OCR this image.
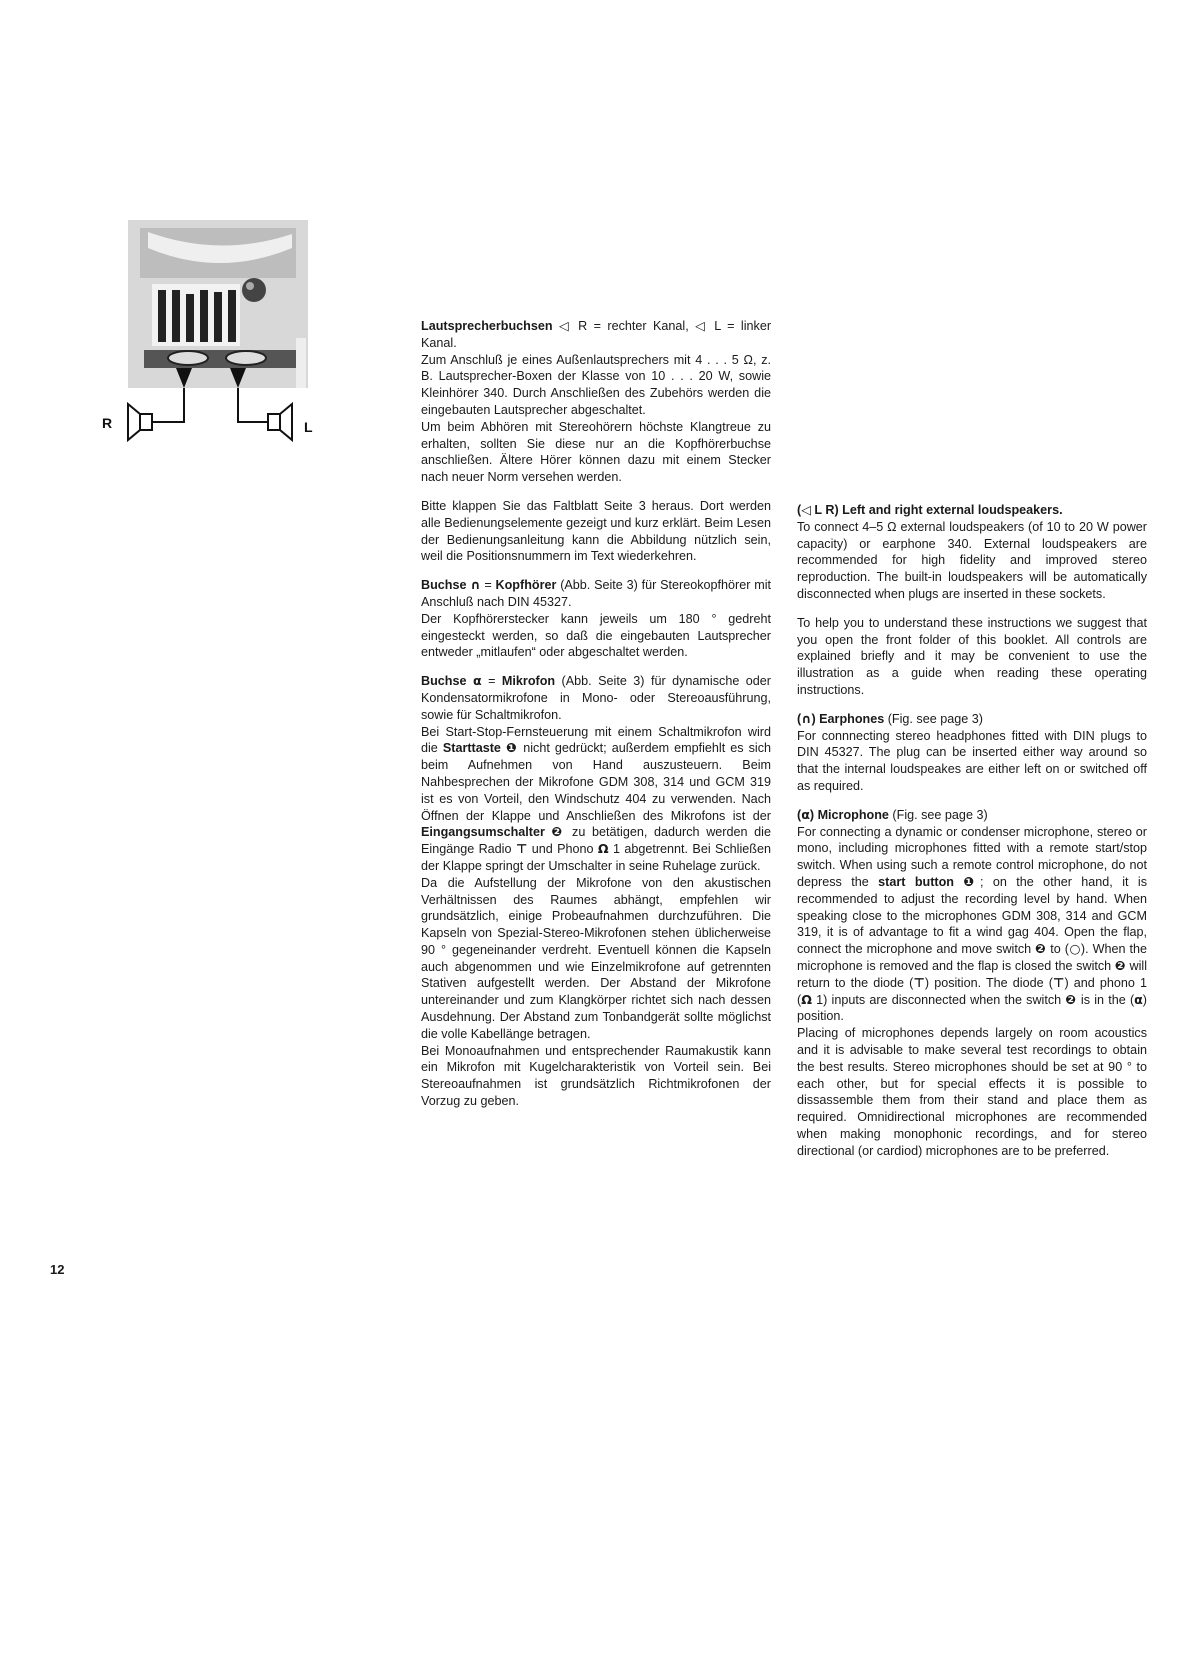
R	L

Lautsprecherbuchsen ◁ R = rechter Kanal, ◁ L = linker Kanal.

Zum Anschluß je eines Außenlautsprechers mit 4 . . . 5 Ω, z. B. Lautsprecher-Boxen der Klasse von 10 . . . 20 W, sowie Kleinhörer 340. Durch Anschließen des Zubehörs werden die eingebauten Lautsprecher abgeschaltet.

Um beim Abhören mit Stereohörern höchste Klangtreue zu erhalten, sollten Sie diese nur an die Kopfhörerbuchse anschließen. Ältere Hörer können dazu mit einem Stecker nach neuer Norm versehen werden.

Bitte klappen Sie das Faltblatt Seite 3 heraus. Dort werden alle Bedienungselemente gezeigt und kurz erklärt. Beim Lesen der Bedienungsanleitung kann die Abbildung nützlich sein, weil die Positionsnummern im Text wiederkehren.

Buchse ∩ = Kopfhörer (Abb. Seite 3) für Stereokopfhörer mit Anschluß nach DIN 45327.

Der Kopfhörerstecker kann jeweils um 180 ° gedreht eingesteckt werden, so daß die eingebauten Lautsprecher entweder „mitlaufen“ oder abgeschaltet werden.

Buchse α = Mikrofon (Abb. Seite 3) für dynamische oder Kondensatormikrofone in Mono- oder Stereoausführung, sowie für Schaltmikrofon.

Bei Start-Stop-Fernsteuerung mit einem Schaltmikrofon wird die Starttaste ❶ nicht gedrückt; außerdem empfiehlt es sich beim Aufnehmen von Hand auszusteuern. Beim Nahbesprechen der Mikrofone GDM 308, 314 und GCM 319 ist es von Vorteil, den Windschutz 404 zu verwenden. Nach Öffnen der Klappe und Anschließen des Mikrofons ist der Eingangsumschalter ❷ zu betätigen, dadurch werden die Eingänge Radio ⊤ und Phono Ω 1 abgetrennt. Bei Schließen der Klappe springt der Umschalter in seine Ruhelage zurück.

Da die Aufstellung der Mikrofone von den akustischen Verhältnissen des Raumes abhängt, empfehlen wir grundsätzlich, einige Probeaufnahmen durchzuführen. Die Kapseln von Spezial-Stereo-Mikrofonen stehen üblicherweise 90 ° gegeneinander verdreht. Eventuell können die Kapseln auch abgenommen und wie Einzelmikrofone auf getrennten Stativen aufgestellt werden. Der Abstand der Mikrofone untereinander und zum Klangkörper richtet sich nach dessen Ausdehnung. Der Abstand zum Tonbandgerät sollte möglichst die volle Kabellänge betragen.

Bei Monoaufnahmen und entsprechender Raumakustik kann ein Mikrofon mit Kugelcharakteristik von Vorteil sein. Bei Stereoaufnahmen ist grundsätzlich Richtmikrofonen der Vorzug zu geben.

(◁ L R) Left and right external loudspeakers.

To connect 4–5 Ω external loudspeakers (of 10 to 20 W power capacity) or earphone 340. External loudspeakers are recommended for high fidelity and improved stereo reproduction. The built-in loudspeakers will be automatically disconnected when plugs are inserted in these sockets.

To help you to understand these instructions we suggest that you open the front folder of this booklet. All controls are explained briefly and it may be convenient to use the illustration as a guide when reading these operating instructions.

(∩) Earphones (Fig. see page 3)

For connnecting stereo headphones fitted with DIN plugs to DIN 45327. The plug can be inserted either way around so that the internal loudspeakes are either left on or switched off as required.

(α) Microphone (Fig. see page 3)

For connecting a dynamic or condenser microphone, stereo or mono, including microphones fitted with a remote start/stop switch. When using such a remote control microphone, do not depress the start button ❶; on the other hand, it is recommended to adjust the recording level by hand. When speaking close to the microphones GDM 308, 314 and GCM 319, it is of advantage to fit a wind gag 404. Open the flap, connect the microphone and move switch ❷ to (○). When the microphone is removed and the flap is closed the switch ❷ will return to the diode (⊤) position. The diode (⊤) and phono 1 (Ω 1) inputs are disconnected when the switch ❷ is in the (α) position.

Placing of microphones depends largely on room acoustics and it is advisable to make several test recordings to obtain the best results. Stereo microphones should be set at 90 ° to each other, but for special effects it is possible to dissassemble them from their stand and place them as required. Omnidirectional microphones are recommended when making monophonic recordings, and for stereo directional (or cardiod) microphones are to be preferred.

12
